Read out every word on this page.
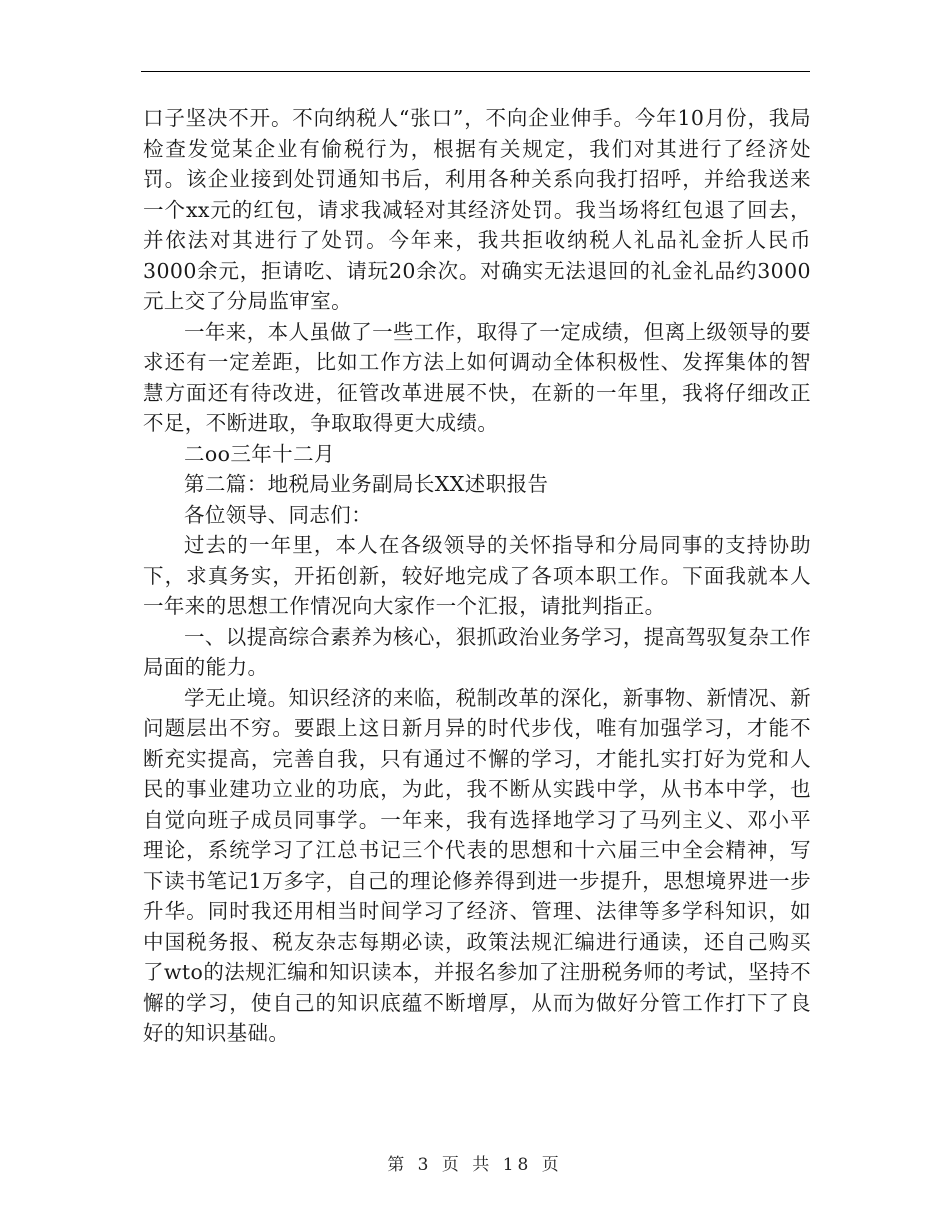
口子坚决不开。不向纳税人“张口”，不向企业伸手。今年10月份，我局检查发觉某企业有偷税行为，根据有关规定，我们对其进行了经济处罚。该企业接到处罚通知书后，利用各种关系向我打招呼，并给我送来一个xx元的红包，请求我减轻对其经济处罚。我当场将红包退了回去，并依法对其进行了处罚。今年来，我共拒收纳税人礼品礼金折人民币3000余元，拒请吃、请玩20余次。对确实无法退回的礼金礼品约3000元上交了分局监审室。

一年来，本人虽做了一些工作，取得了一定成绩，但离上级领导的要求还有一定差距，比如工作方法上如何调动全体积极性、发挥集体的智慧方面还有待改进，征管改革进展不快，在新的一年里，我将仔细改正不足，不断进取，争取取得更大成绩。

二oo三年十二月

第二篇：地税局业务副局长XX述职报告

各位领导、同志们：

过去的一年里，本人在各级领导的关怀指导和分局同事的支持协助下，求真务实，开拓创新，较好地完成了各项本职工作。下面我就本人一年来的思想工作情况向大家作一个汇报，请批判指正。

一、以提高综合素养为核心，狠抓政治业务学习，提高驾驭复杂工作局面的能力。

学无止境。知识经济的来临，税制改革的深化，新事物、新情况、新问题层出不穷。要跟上这日新月异的时代步伐，唯有加强学习，才能不断充实提高，完善自我，只有通过不懈的学习，才能扎实打好为党和人民的事业建功立业的功底，为此，我不断从实践中学，从书本中学，也自觉向班子成员同事学。一年来，我有选择地学习了马列主义、邓小平理论，系统学习了江总书记三个代表的思想和十六届三中全会精神，写下读书笔记1万多字，自己的理论修养得到进一步提升，思想境界进一步升华。同时我还用相当时间学习了经济、管理、法律等多学科知识，如中国税务报、税友杂志每期必读，政策法规汇编进行通读，还自己购买了wto的法规汇编和知识读本，并报名参加了注册税务师的考试，坚持不懈的学习，使自己的知识底蕴不断增厚，从而为做好分管工作打下了良好的知识基础。

第 3 页 共 18 页
